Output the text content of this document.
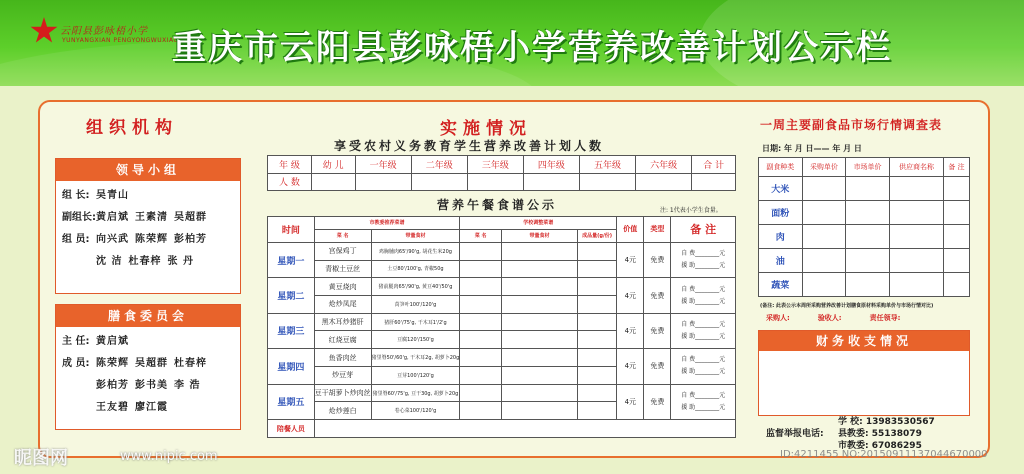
云阳县彭咏梧小学
YUNYANGXIAN PENGYONGWUXIAOXUE
重庆市云阳县彭咏梧小学营养改善计划公示栏
组织机构
领导小组
组 长: 吴青山
副组长: 黄启斌 王素清 吴超群
组 员: 向兴武 陈荣辉 彭柏芳
沈 洁 杜春梓 张 丹
膳食委员会
主 任: 黄启斌
成 员: 陈荣辉 吴超群 杜春梓
彭柏芳 彭书美 李 浩
王友碧 廖江霞
实施情况
享受农村义务教育学生营养改善计划人数
年 级	幼 儿	一年级	二年级	三年级	四年级	五年级	六年级	合 计
人 数								
营养午餐食谱公示	注: 1代表小学生食量。
时间	市教委推荐菜谱		学校调整菜谱			价值	类型	备 注
	菜 名	带量食材	菜 名	带量食材	成品量(g/份)			
星期一	宫保鸡丁	鸡胸脯肉65'/90'g, 胡花生米20g				4元	免费	自 费________元
援 助________元

	青椒土豆丝	土豆80'/100'g, 青椒50g						
星期二	黄豆烧肉	猪前腿肉65'/90'g, 黄豆40'/50'g				4元	免费	自 费________元
援 助________元

	炝炒凤尾	莴笋叶100'/120'g						
星期三	黑木耳炒猪肝	猪肝60'/75'g, 干木耳1'/2'g				4元	免费	自 费________元
援 助________元

	红烧豆腐	豆腐120'/150'g						
星期四	鱼香肉丝	猪里脊50'/60'g, 干木耳2g, 胡萝卜20g				4元	免费	自 费________元
援 助________元

	炒豆芽	豆芽100'/120'g						
星期五	豆干胡萝卜炒肉丝	猪里脊60'/75'g, 豆干30g, 胡萝卜20g				4元	免费	自 费________元
援 助________元

	炝炒莲白	卷心菜100'/120'g						
陪餐人员								
一周主要副食品市场行情调查表
日期: 年 月 日—— 年 月 日
副食种类	采购单价	市场单价	供应商名称	备 注
大米				
面粉				
肉				
油				
蔬菜				
(备注: 此表公示本周所采购营养改善计划膳食原材料采购单价与市场行情对比)
采购人:	验收人:	责任领导:
财务收支情况
监督举报电话:
学 校: 13983530567
县教委: 55138079
市教委: 67086295
昵图网	www.nipic.com	ID:4211455 NO:20150911137044670000
